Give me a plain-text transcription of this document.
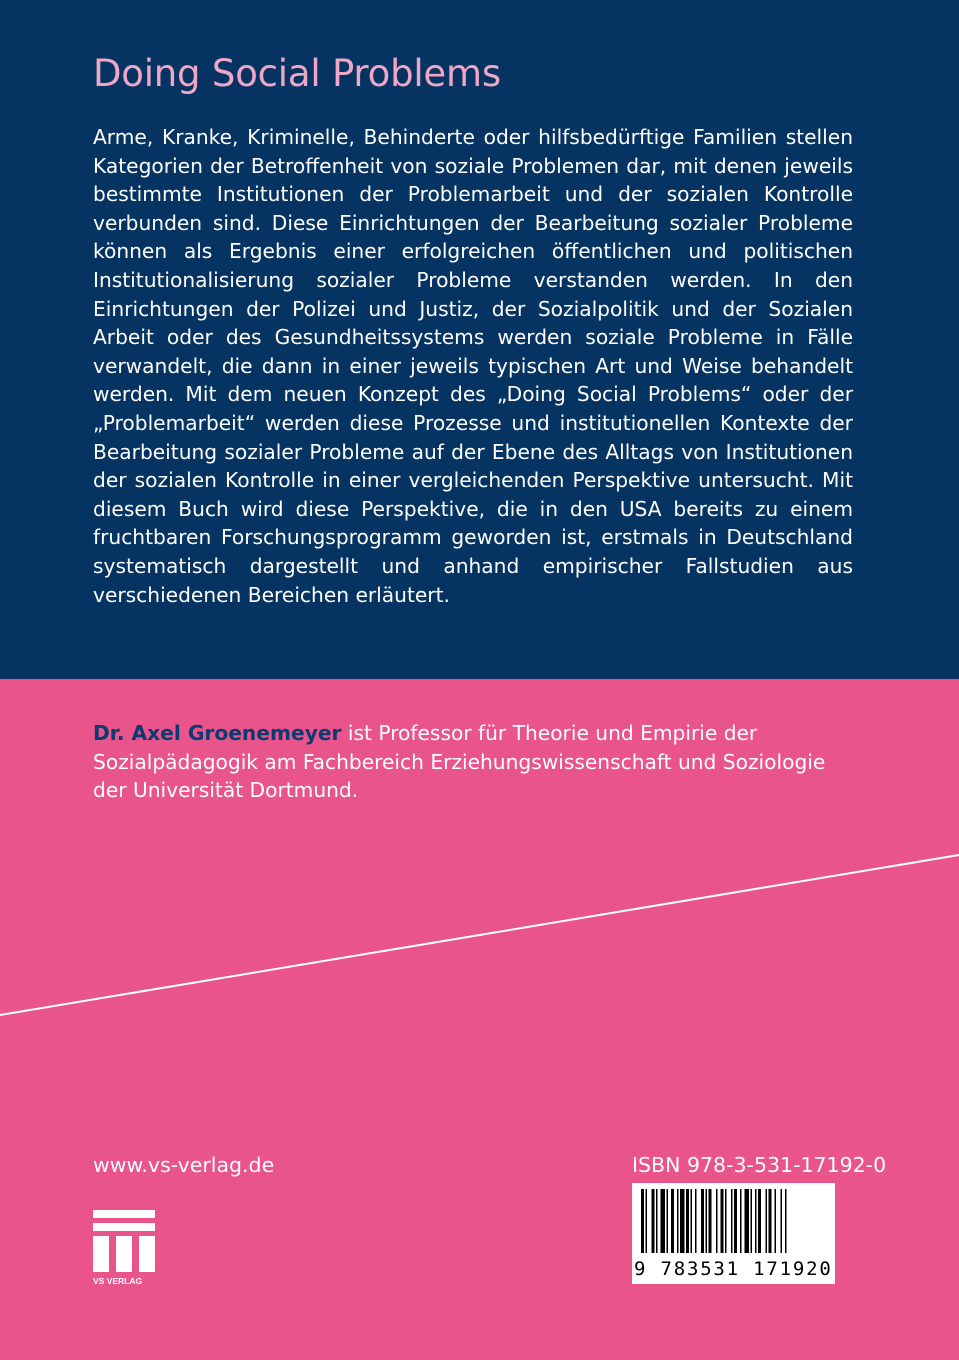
Doing Social Problems

Arme, Kranke, Kriminelle, Behinderte oder hilfsbedürftige Familien stellen Kategorien der Betroffenheit von soziale Problemen dar, mit denen jeweils bestimmte Institutionen der Problemarbeit und der sozialen Kontrolle verbunden sind. Diese Einrichtungen der Bearbeitung sozialer Probleme können als Ergebnis einer erfolgreichen öffentlichen und politischen Institutionalisierung sozialer Probleme verstanden werden. In den Einrichtungen der Polizei und Justiz, der Sozialpolitik und der Sozialen Arbeit oder des Gesundheitssystems werden soziale Probleme in Fälle verwandelt, die dann in einer jeweils typischen Art und Weise behandelt werden. Mit dem neuen Konzept des „Doing Social Problems“ oder der „Problemarbeit“ werden diese Prozesse und institutionellen Kontexte der Bearbeitung sozialer Probleme auf der Ebene des Alltags von Institutionen der sozialen Kontrolle in einer vergleichenden Perspektive untersucht. Mit diesem Buch wird diese Perspektive, die in den USA bereits zu einem fruchtbaren Forschungsprogramm geworden ist, erstmals in Deutschland systematisch dargestellt und anhand empirischer Fallstudien aus verschiedenen Bereichen erläutert.

Dr. Axel Groenemeyer ist Professor für Theorie und Empirie der Sozialpädagogik am Fachbereich Erziehungswissenschaft und Soziologie der Universität Dortmund.

www.vs-verlag.de
VS VERLAG
ISBN 978-3-531-17192-0
9 783531 171920
